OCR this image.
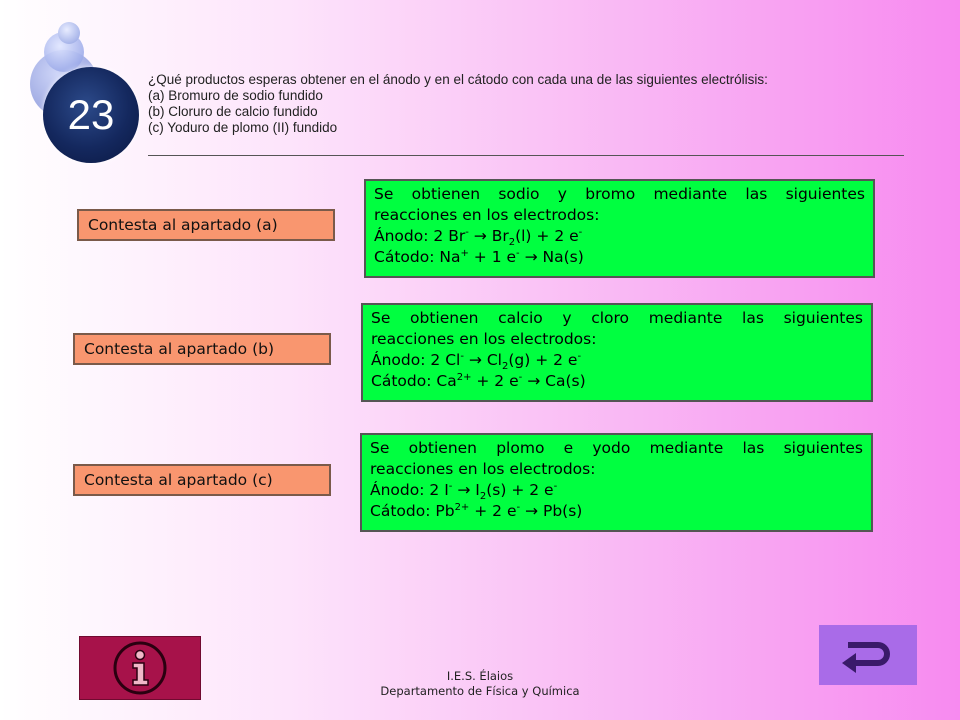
23
¿Qué productos esperas obtener en el ánodo y en el cátodo con cada una de las siguientes electrólisis:
(a) Bromuro de sodio fundido
(b) Cloruro de calcio fundido
(c) Yoduro de plomo (II) fundido
Contesta al apartado (a)
Se obtienen sodio y bromo mediante las siguientes
reacciones en los electrodos:
Ánodo: 2 $Br^- \to Br_2(l) + 2$ e-
Cátodo: Na+ + 1 e- → Na(s)
Contesta al apartado (b)
Se obtienen calcio y cloro mediante las siguientes
reacciones en los electrodos:
Ánodo: 2 $Cl^- \to Cl_2(g) + 2$ e-
Cátodo: $Ca^{2+} + 2$ e- → Ca(s)
Contesta al apartado (c)
Se obtienen plomo e yodo mediante las siguientes
reacciones en los electrodos:
Ánodo: 2 $I^- \to I_2(s) + 2$ e-
Cátodo: $Pb^{2+} + 2$ e- → Pb(s)
I.E.S. Élaios
Departamento de Física y Química
